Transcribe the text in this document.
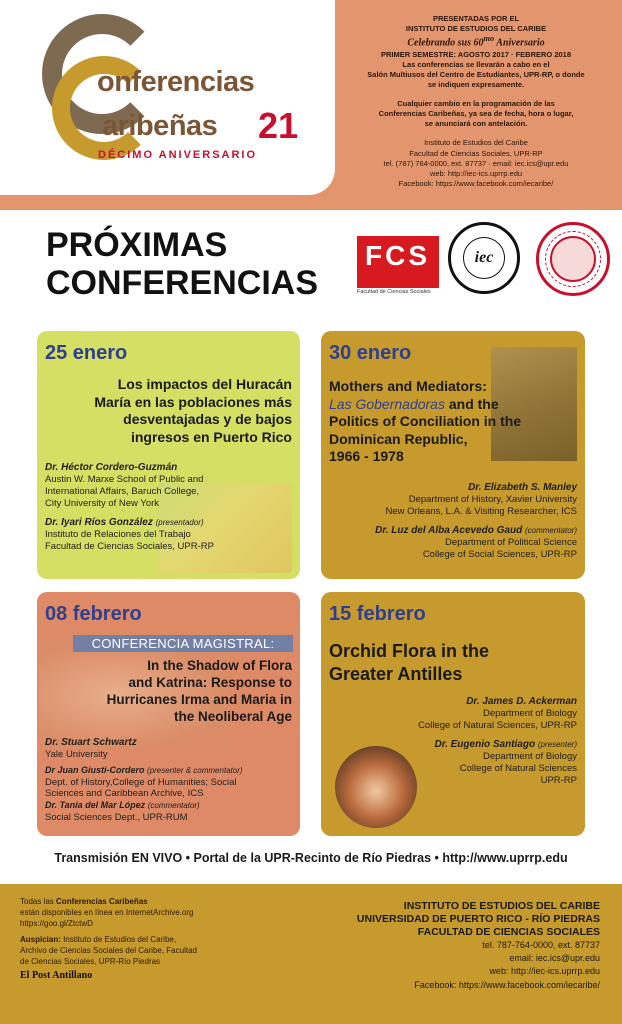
onferencias
aribeñas 21
DÉCIMO ANIVERSARIO
PRESENTADAS POR EL
INSTITUTO DE ESTUDIOS DEL CARIBE
Celebrando sus $60^{mo}$ Aniversario
PRIMER SEMESTRE: AGOSTO 2017 · FEBRERO 2018
Las conferencias se llevarán a cabo en el
Salón Multiusos del Centro de Estudiantes, UPR-RP, o donde
se indiquen expresamente.
Cualquier cambio en la programación de las
Conferencias Caribeñas, ya sea de fecha, hora o lugar,
se anunciará con antelación.
Instituto de Estudios del Caribe
Facultad de Ciencias Sociales, UPR-RP
tel. (787) 764-0000, ext. 87737 · email: iec.ics@upr.edu
web: http://iec-ics.uprrp.edu
Facebook: https://www.facebook.com/iecaribe/
PRÓXIMAS
CONFERENCIAS
FCS
Facultad de Ciencias Sociales
iec
25 enero
Los impactos del Huracán
María en las poblaciones más
desventajadas y de bajos
ingresos en Puerto Rico
Dr. Héctor Cordero-Guzmán
Austin W. Marxe School of Public and
International Affairs, Baruch College,
City University of New York
Dr. Iyari Ríos González (presentador)
Instituto de Relaciones del Trabajo
Facultad de Ciencias Sociales, UPR-RP
30 enero
Mothers and Mediators:
Las Gobernadoras and the
Politics of Conciliation in the
Dominican Republic,
1966 - 1978
Dr. Elizabeth S. Manley
Department of History, Xavier University
New Orleans, L.A. & Visiting Researcher, ICS
Dr. Luz del Alba Acevedo Gaud (commentator)
Department of Political Science
College of Social Sciences, UPR-RP
08 febrero
CONFERENCIA MAGISTRAL:
In the Shadow of Flora
and Katrina: Response to
Hurricanes Irma and Maria in
the Neoliberal Age
Dr. Stuart Schwartz
Yale University
Dr Juan Giusti-Cordero (presenter & commentator)
Dept. of History,College of Humanities; Social
Sciences and Caribbean Archive, ICS
Dr. Tania del Mar López (commentator)
Social Sciences Dept., UPR-RUM
15 febrero
Orchid Flora in the
Greater Antilles
Dr. James D. Ackerman
Department of Biology
College of Natural Sciences, UPR-RP
Dr. Eugenio Santiago (presenter)
Department of Biology
College of Natural Sciences
UPR-RP
Transmisión EN VIVO • Portal de la UPR-Recinto de Río Piedras • http://www.uprrp.edu
Todas las Conferencias Caribeñas
están disponibles en línea en InternetArchive.org
https://goo.gl/ZtctwD
Auspician: Instituto de Estudios del Caribe,
Archivo de Ciencias Sociales del Caribe, Facultad
de Ciencias Sociales, UPR-Río Piedras
El Post Antillano
INSTITUTO DE ESTUDIOS DEL CARIBE
UNIVERSIDAD DE PUERTO RICO - RÍO PIEDRAS
FACULTAD DE CIENCIAS SOCIALES
tel. 787-764-0000, ext. 87737
email: iec.ics@upr.edu
web: http://iec-ics.uprrp.edu
Facebook: https://www.facebook.com/iecaribe/
